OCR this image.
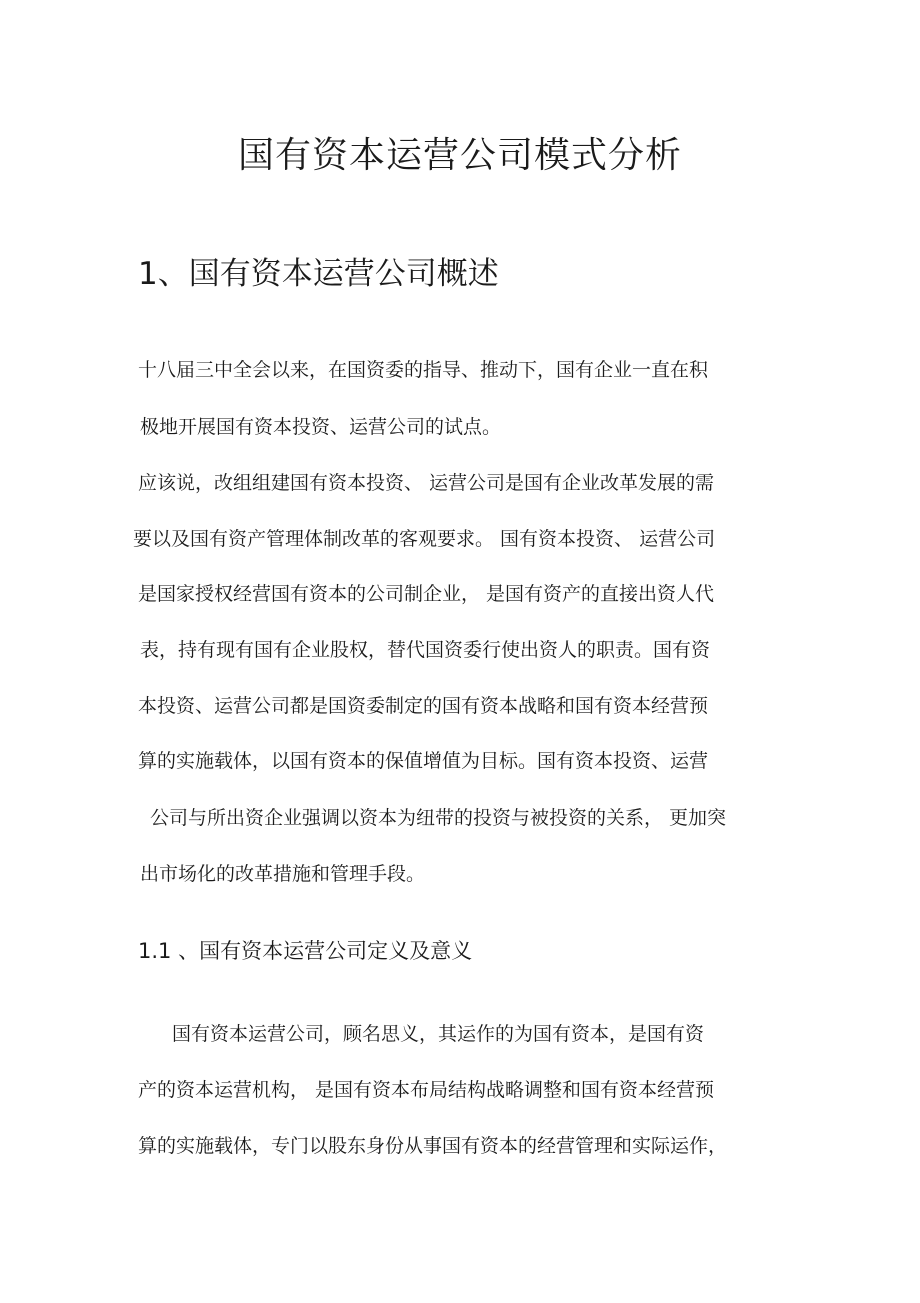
国有资本运营公司模式分析
1、国有资本运营公司概述
十八届三中全会以来，在国资委的指导、推动下，国有企业一直在积
极地开展国有资本投资、运营公司的试点。
应该说，改组组建国有资本投资、 运营公司是国有企业改革发展的需
要以及国有资产管理体制改革的客观要求。 国有资本投资、 运营公司
是国家授权经营国有资本的公司制企业， 是国有资产的直接出资人代
表，持有现有国有企业股权，替代国资委行使出资人的职责。国有资
本投资、运营公司都是国资委制定的国有资本战略和国有资本经营预
算的实施载体，以国有资本的保值增值为目标。国有资本投资、运营
公司与所出资企业强调以资本为纽带的投资与被投资的关系， 更加突
出市场化的改革措施和管理手段。
1.1 、国有资本运营公司定义及意义
国有资本运营公司，顾名思义，其运作的为国有资本，是国有资
产的资本运营机构， 是国有资本布局结构战略调整和国有资本经营预
算的实施载体，专门以股东身份从事国有资本的经营管理和实际运作，
